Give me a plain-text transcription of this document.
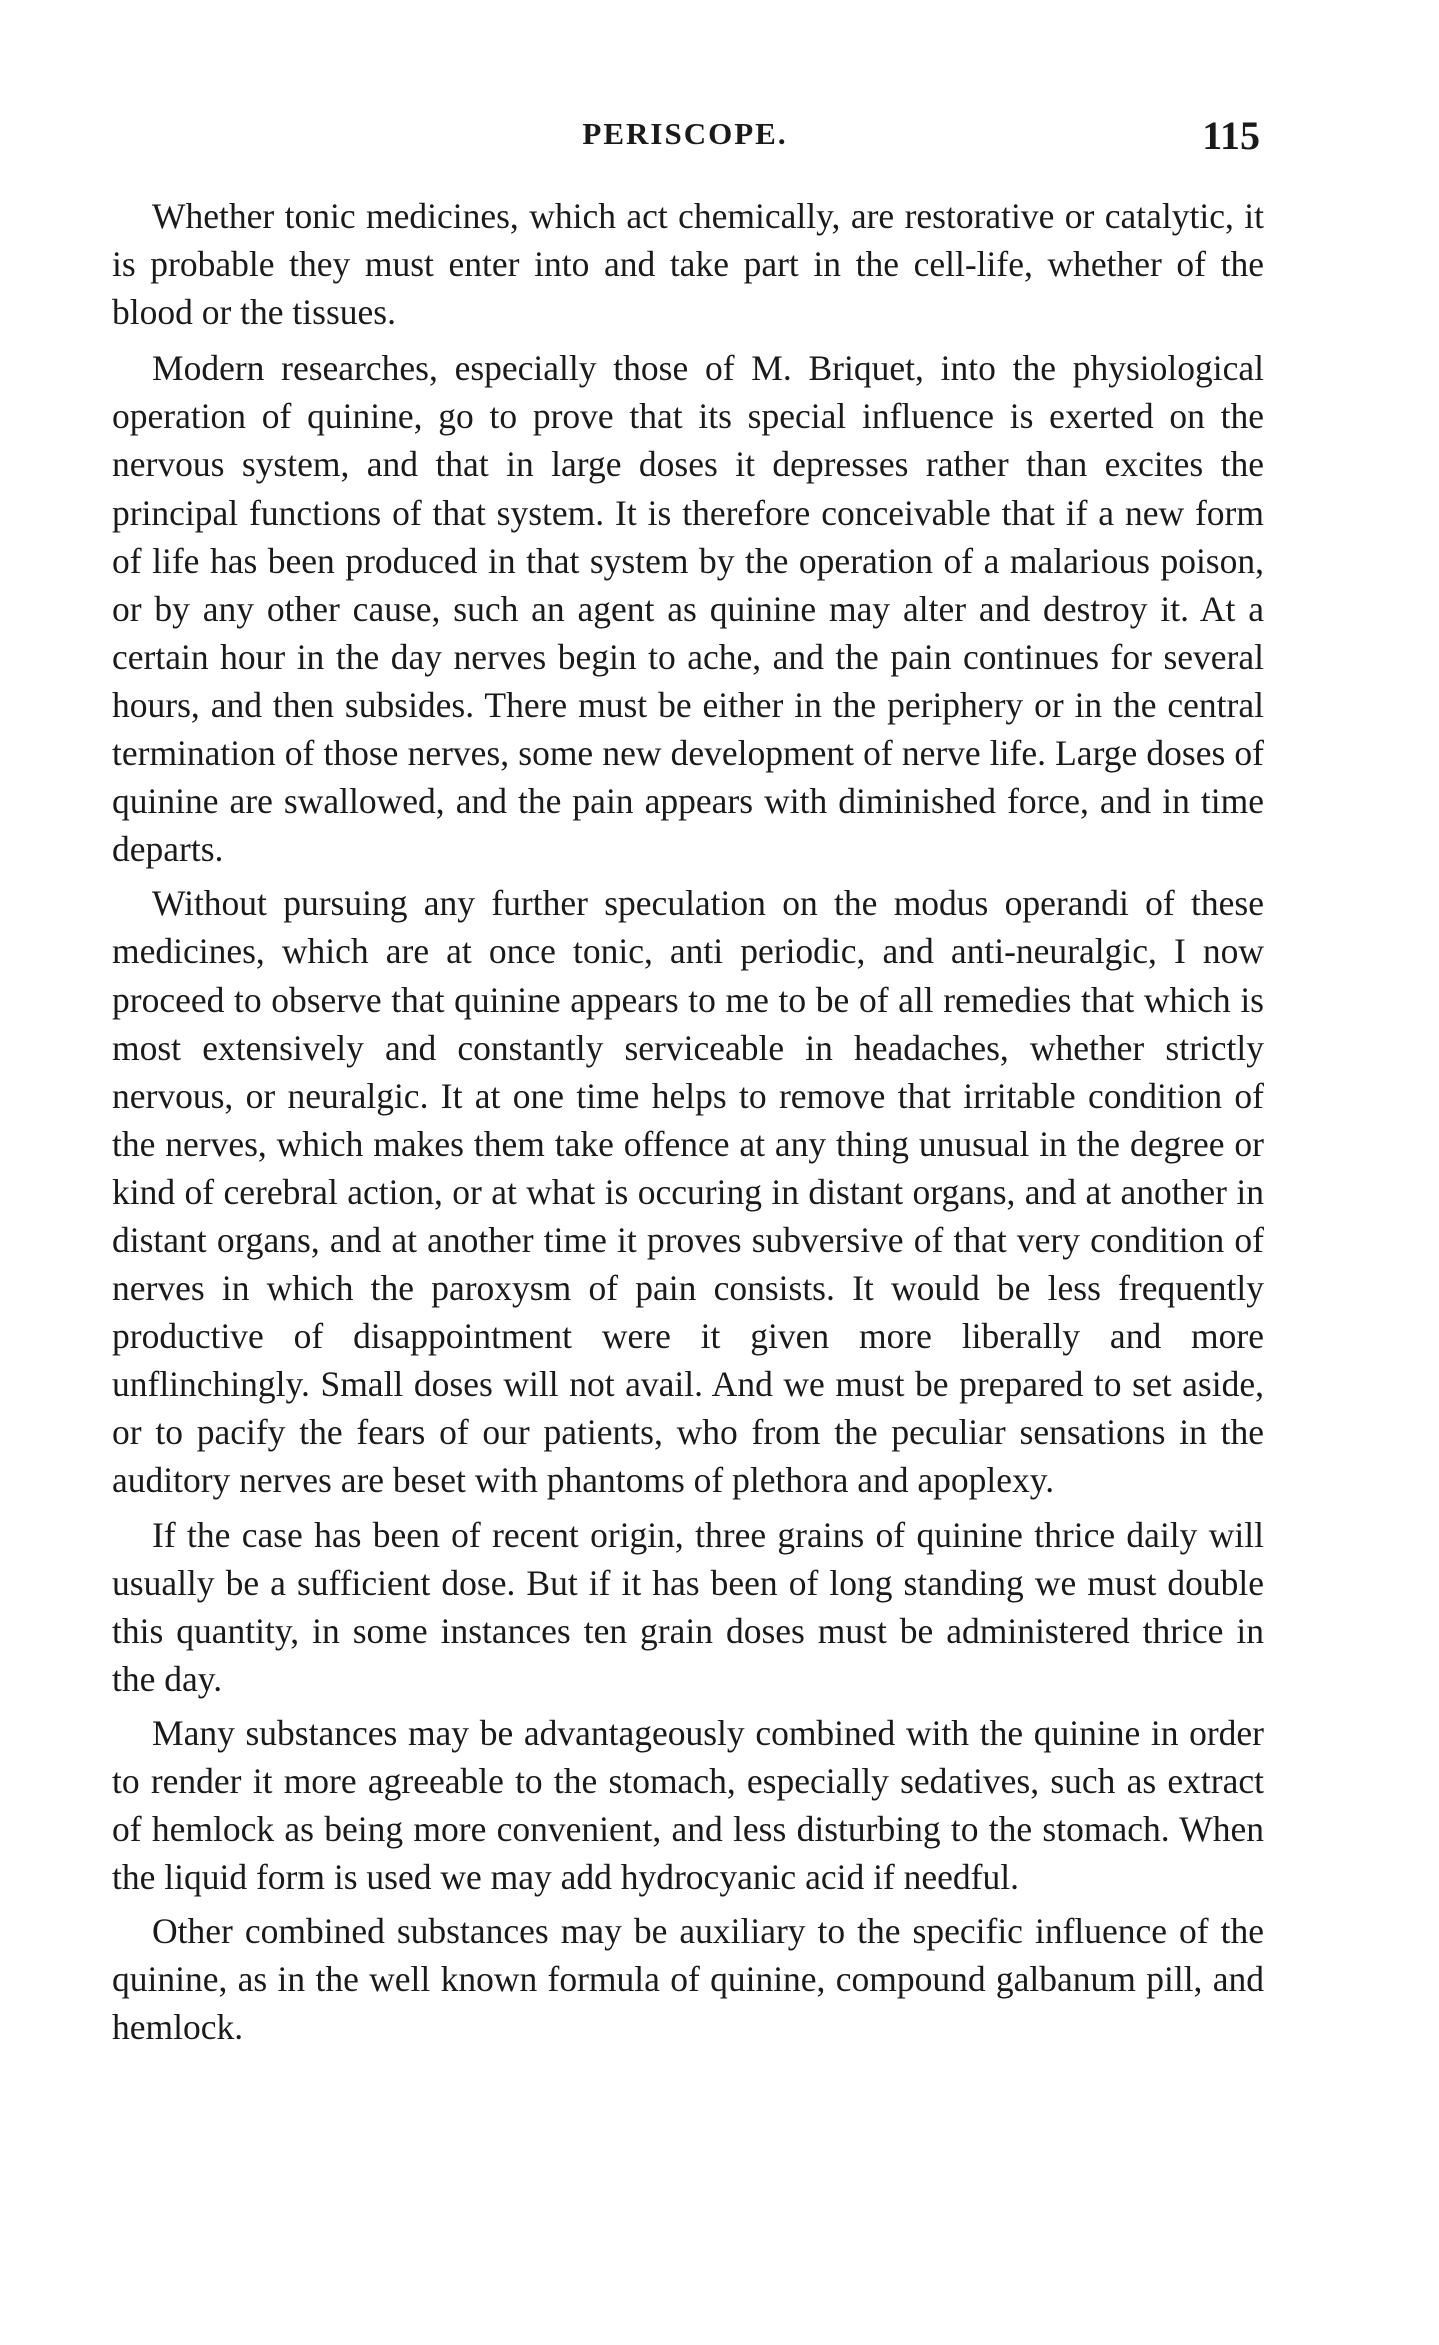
PERISCOPE.	115

Whether tonic medicines, which act chemically, are restorative or catalytic, it is probable they must enter into and take part in the cell-life, whether of the blood or the tissues.

Modern researches, especially those of M. Briquet, into the physiological operation of quinine, go to prove that its special influence is exerted on the nervous system, and that in large doses it depresses rather than excites the principal functions of that system. It is therefore conceivable that if a new form of life has been produced in that system by the operation of a malarious poison, or by any other cause, such an agent as quinine may alter and destroy it. At a certain hour in the day nerves begin to ache, and the pain continues for several hours, and then subsides. There must be either in the periphery or in the central termination of those nerves, some new development of nerve life. Large doses of quinine are swallowed, and the pain appears with diminished force, and in time departs.

Without pursuing any further speculation on the modus operandi of these medicines, which are at once tonic, anti periodic, and anti-neuralgic, I now proceed to observe that quinine appears to me to be of all remedies that which is most extensively and constantly serviceable in headaches, whether strictly nervous, or neuralgic. It at one time helps to remove that irritable condition of the nerves, which makes them take offence at any thing unusual in the degree or kind of cerebral action, or at what is occuring in distant organs, and at another in distant organs, and at another time it proves subversive of that very condition of nerves in which the paroxysm of pain consists. It would be less frequently productive of disappointment were it given more liberally and more unflinchingly. Small doses will not avail. And we must be prepared to set aside, or to pacify the fears of our patients, who from the peculiar sensations in the auditory nerves are beset with phantoms of plethora and apoplexy.

If the case has been of recent origin, three grains of quinine thrice daily will usually be a sufficient dose. But if it has been of long standing we must double this quantity, in some instances ten grain doses must be administered thrice in the day.

Many substances may be advantageously combined with the quinine in order to render it more agreeable to the stomach, especially sedatives, such as extract of hemlock as being more convenient, and less disturbing to the stomach. When the liquid form is used we may add hydrocyanic acid if needful.

Other combined substances may be auxiliary to the specific influence of the quinine, as in the well known formula of quinine, compound galbanum pill, and hemlock.
